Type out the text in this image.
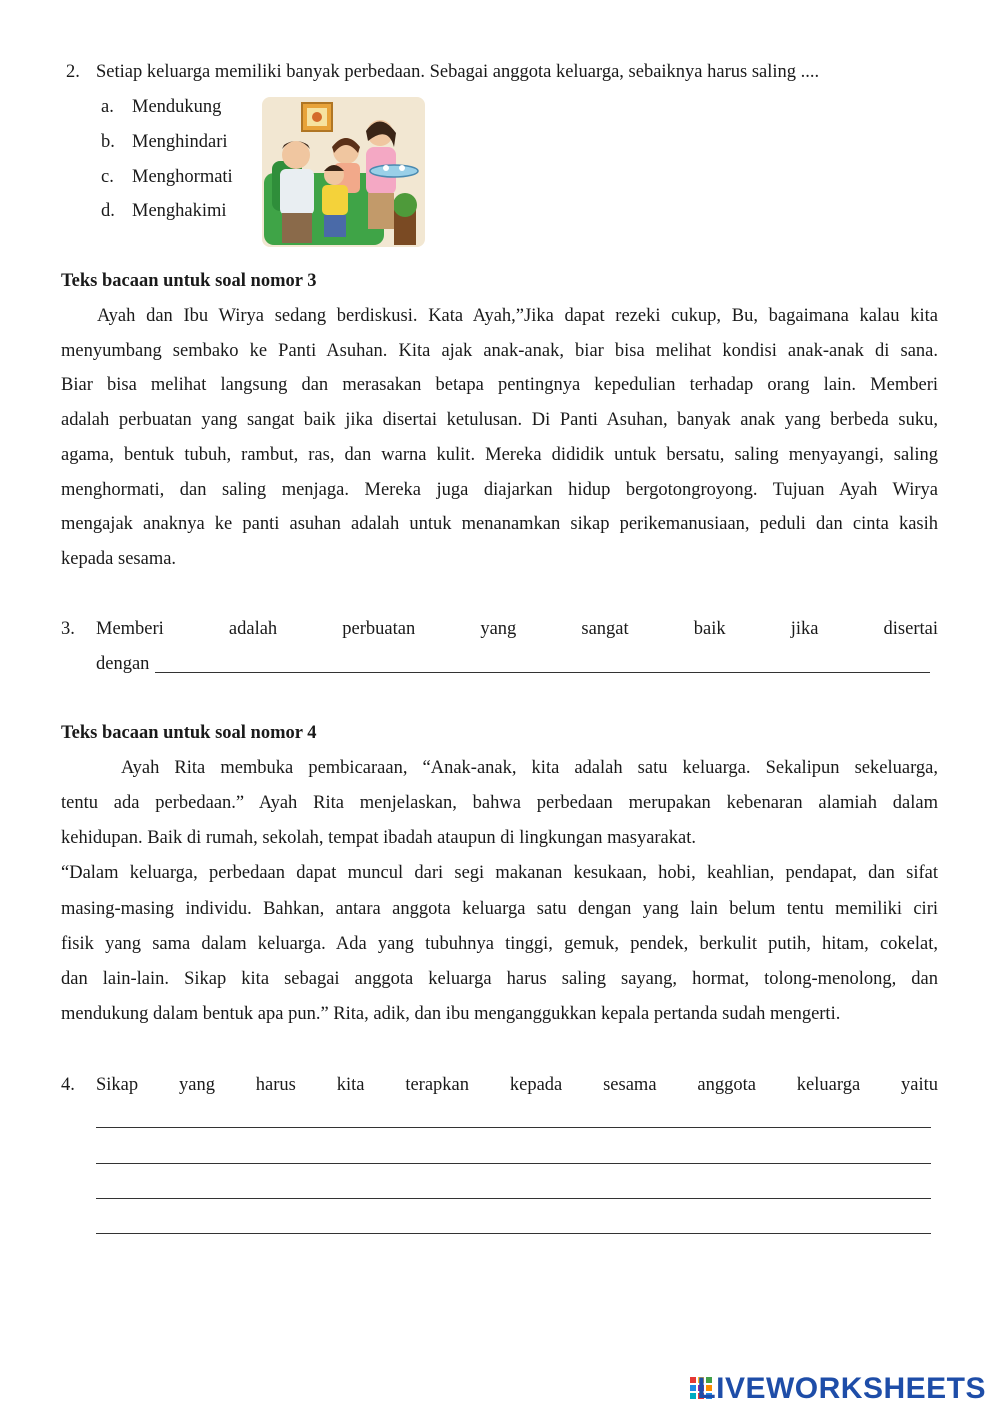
2. Setiap keluarga memiliki banyak perbedaan. Sebagai anggota keluarga, sebaiknya harus saling ....
a. Mendukung
b. Menghindari
c. Menghormati
d. Menghakimi
Teks bacaan untuk soal nomor 3
Ayah dan Ibu Wirya sedang berdiskusi. Kata Ayah,”Jika dapat rezeki cukup, Bu, bagaimana kalau kita
menyumbang sembako ke Panti Asuhan. Kita ajak anak-anak, biar bisa melihat kondisi anak-anak di sana.
Biar bisa melihat langsung dan merasakan betapa pentingnya kepedulian terhadap orang lain. Memberi
adalah perbuatan yang sangat baik jika disertai ketulusan. Di Panti Asuhan, banyak anak yang berbeda suku,
agama, bentuk tubuh, rambut, ras, dan warna kulit. Mereka dididik untuk bersatu, saling menyayangi, saling
menghormati, dan saling menjaga. Mereka juga diajarkan hidup bergotongroyong. Tujuan Ayah Wirya
mengajak anaknya ke panti asuhan adalah untuk menanamkan sikap perikemanusiaan, peduli dan cinta kasih
kepada sesama.
3. Memberi adalah perbuatan yang sangat baik jika disertai
dengan
Teks bacaan untuk soal nomor 4
Ayah Rita membuka pembicaraan, “Anak-anak, kita adalah satu keluarga. Sekalipun sekeluarga,
tentu ada perbedaan.” Ayah Rita menjelaskan, bahwa perbedaan merupakan kebenaran alamiah dalam
kehidupan. Baik di rumah, sekolah, tempat ibadah ataupun di lingkungan masyarakat.
“Dalam keluarga, perbedaan dapat muncul dari segi makanan kesukaan, hobi, keahlian, pendapat, dan sifat
masing-masing individu. Bahkan, antara anggota keluarga satu dengan yang lain belum tentu memiliki ciri
fisik yang sama dalam keluarga. Ada yang tubuhnya tinggi, gemuk, pendek, berkulit putih, hitam, cokelat,
dan lain-lain. Sikap kita sebagai anggota keluarga harus saling sayang, hormat, tolong-menolong, dan
mendukung dalam bentuk apa pun.” Rita, adik, dan ibu menganggukkan kepala pertanda sudah mengerti.
4. Sikap yang harus kita terapkan kepada sesama anggota keluarga yaitu
LIVEWORKSHEETS
